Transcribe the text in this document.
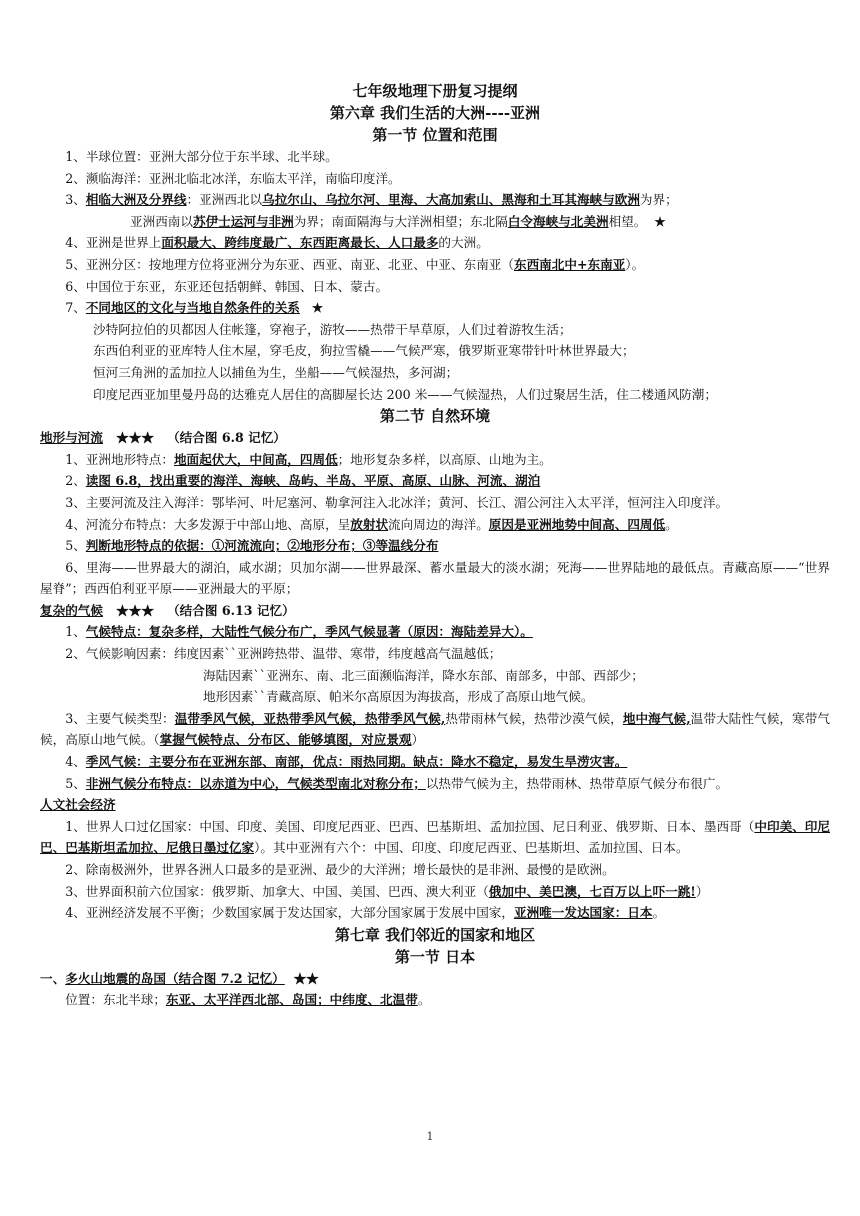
七年级地理下册复习提纲

第六章 我们生活的大洲----亚洲

第一节 位置和范围

1、半球位置：亚洲大部分位于东半球、北半球。

2、濒临海洋：亚洲北临北冰洋，东临太平洋，南临印度洋。

3、相临大洲及分界线：亚洲西北以乌拉尔山、乌拉尔河、里海、大高加索山、黑海和土耳其海峡与欧洲为界；

亚洲西南以苏伊士运河与非洲为界；南面隔海与大洋洲相望；东北隔白令海峡与北美洲相望。 ★

4、亚洲是世界上面积最大、跨纬度最广、东西距离最长、人口最多的大洲。

5、亚洲分区：按地理方位将亚洲分为东亚、西亚、南亚、北亚、中亚、东南亚（东西南北中+东南亚）。

6、中国位于东亚，东亚还包括朝鲜、韩国、日本、蒙古。

7、不同地区的文化与当地自然条件的关系 ★

沙特阿拉伯的贝都因人住帐篷，穿袍子，游牧——热带干旱草原，人们过着游牧生活；

东西伯利亚的亚库特人住木屋，穿毛皮，狗拉雪橇——气候严寒，俄罗斯亚寒带针叶林世界最大；

恒河三角洲的孟加拉人以捕鱼为生，坐船——气候湿热，多河湖；

印度尼西亚加里曼丹岛的达雅克人居住的高脚屋长达 200 米——气候湿热，人们过聚居生活，住二楼通风防潮；

第二节 自然环境

地形与河流 ★★★ （结合图 6.8 记忆）

1、亚洲地形特点：地面起伏大，中间高，四周低；地形复杂多样，以高原、山地为主。

2、读图 6.8，找出重要的海洋、海峡、岛屿、半岛、平原、高原、山脉、河流、湖泊

3、主要河流及注入海洋：鄂毕河、叶尼塞河、勒拿河注入北冰洋；黄河、长江、湄公河注入太平洋，恒河注入印度洋。

4、河流分布特点：大多发源于中部山地、高原，呈放射状流向周边的海洋。原因是亚洲地势中间高、四周低。

5、判断地形特点的依据：①河流流向；②地形分布；③等温线分布

6、里海——世界最大的湖泊，咸水湖；贝加尔湖——世界最深、蓄水量最大的淡水湖；死海——世界陆地的最低点。青藏高原——“世界屋脊”；西西伯利亚平原——亚洲最大的平原；

复杂的气候 ★★★ （结合图 6.13 记忆）

1、气候特点：复杂多样，大陆性气候分布广，季风气候显著（原因：海陆差异大）。

2、气候影响因素：纬度因素``亚洲跨热带、温带、寒带，纬度越高气温越低；

海陆因素``亚洲东、南、北三面濒临海洋，降水东部、南部多，中部、西部少；

地形因素``青藏高原、帕米尔高原因为海拔高，形成了高原山地气候。

3、主要气候类型：温带季风气候，亚热带季风气候，热带季风气候,热带雨林气候，热带沙漠气候，地中海气候,温带大陆性气候，寒带气候，高原山地气候。（掌握气候特点、分布区、能够填图，对应景观）

4、季风气候：主要分布在亚洲东部、南部，优点：雨热同期。缺点：降水不稳定，易发生旱涝灾害。

5、非洲气候分布特点：以赤道为中心，气候类型南北对称分布；以热带气候为主，热带雨林、热带草原气候分布很广。

人文社会经济

1、世界人口过亿国家：中国、印度、美国、印度尼西亚、巴西、巴基斯坦、孟加拉国、尼日利亚、俄罗斯、日本、墨西哥（中印美、印尼巴、巴基斯坦孟加拉、尼俄日墨过亿家）。其中亚洲有六个：中国、印度、印度尼西亚、巴基斯坦、孟加拉国、日本。

2、除南极洲外，世界各洲人口最多的是亚洲、最少的大洋洲；增长最快的是非洲、最慢的是欧洲。

3、世界面积前六位国家：俄罗斯、加拿大、中国、美国、巴西、澳大利亚（俄加中、美巴澳，七百万以上吓一跳!）

4、亚洲经济发展不平衡；少数国家属于发达国家，大部分国家属于发展中国家，亚洲唯一发达国家：日本。

第七章 我们邻近的国家和地区

第一节 日本

一、多火山地震的岛国（结合图 7.2 记忆） ★★

位置：东北半球；东亚、太平洋西北部、岛国；中纬度、北温带。

1
